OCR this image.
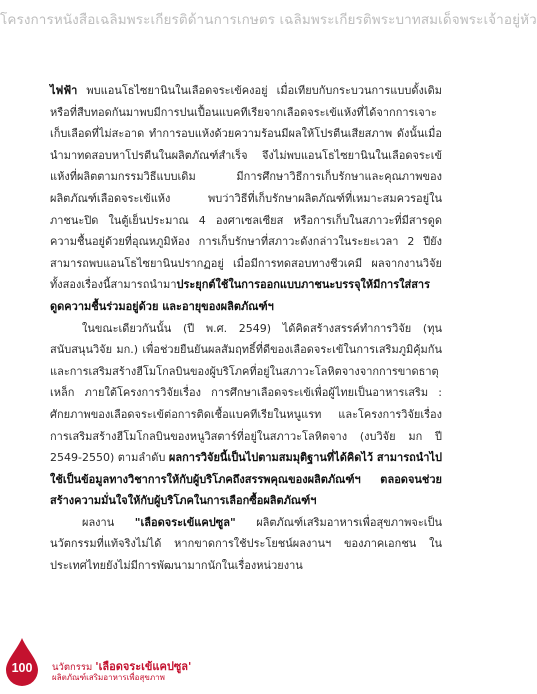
โครงการหนังสือเฉลิมพระเกียรติด้านการเกษตร เฉลิมพระเกียรติพระบาทสมเด็จพระเจ้าอยู่หัว

ไฟฟ้า พบแอนโธไซยานินในเลือดจระเข้คงอยู่ เมื่อเทียบกับกระบวนการแบบดั้งเดิมหรือที่สืบทอดกันมาพบมีการปนเปื้อนแบคทีเรียจากเลือดจระเข้แห้งที่ได้จากการเจาะเก็บเลือดที่ไม่สะอาด ทำการอบแห้งด้วยความร้อนมีผลให้โปรตีนเสียสภาพ ดังนั้นเมื่อนำมาทดสอบหาโปรตีนในผลิตภัณฑ์สำเร็จ จึงไม่พบแอนโธไซยานินในเลือดจระเข้แห้งที่ผลิตตามกรรมวิธีแบบเดิม มีการศึกษาวิธีการเก็บรักษาและคุณภาพของผลิตภัณฑ์เลือดจระเข้แห้ง พบว่าวิธีที่เก็บรักษาผลิตภัณฑ์ที่เหมาะสมควรอยู่ในภาชนะปิด ในตู้เย็นประมาณ 4 องศาเซลเซียส หรือการเก็บในสภาวะที่มีสารดูดความชื้นอยู่ด้วยที่อุณหภูมิห้อง การเก็บรักษาที่สภาวะดังกล่าวในระยะเวลา 2 ปียังสามารถพบแอนโธไซยานินปรากฏอยู่ เมื่อมีการทดสอบทางชีวเคมี ผลจากงานวิจัยทั้งสองเรื่องนี้สามารถนำมาประยุกต์ใช้ในการออกแบบภาชนะบรรจุให้มีการใส่สารดูดความชื้นร่วมอยู่ด้วย และอายุของผลิตภัณฑ์ฯ

ในขณะเดียวกันนั้น (ปี พ.ศ. 2549) ได้คิดสร้างสรรค์ทำการวิจัย (ทุนสนับสนุนวิจัย มก.) เพื่อช่วยยืนยันผลสัมฤทธิ์ที่ดีของเลือดจระเข้ในการเสริมภูมิคุ้มกัน และการเสริมสร้างฮีโมโกลบินของผู้บริโภคที่อยู่ในสภาวะโลหิตจางจากการขาดธาตุเหล็ก ภายใต้โครงการวิจัยเรื่อง การศึกษาเลือดจระเข้เพื่อผู้ไทยเป็นอาหารเสริม : ศักยภาพของเลือดจระเข้ต่อการติดเชื้อแบคทีเรียในหนูแรท และโครงการวิจัยเรื่อง การเสริมสร้างฮีโมโกลบินของหนูวิสตาร์ที่อยู่ในสภาวะโลหิตจาง (งบวิจัย มก ปี 2549-2550) ตามลำดับ ผลการวิจัยนี้เป็นไปตามสมมุติฐานที่ได้คิดไว้ สามารถนำไปใช้เป็นข้อมูลทางวิชาการให้กับผู้บริโภคถึงสรรพคุณของผลิตภัณฑ์ฯ ตลอดจนช่วยสร้างความมั่นใจให้กับผู้บริโภคในการเลือกซื้อผลิตภัณฑ์ฯ

ผลงาน "เลือดจระเข้แคปซูล" ผลิตภัณฑ์เสริมอาหารเพื่อสุขภาพจะเป็นนวัตกรรมที่แท้จริงไม่ได้ หากขาดการใช้ประโยชน์ผลงานฯ ของภาคเอกชน ในประเทศไทยยังไม่มีการพัฒนามากนักในเรื่องหน่วยงาน

100	นวัตกรรม 'เลือดจระเข้แคปซูล'
ผลิตภัณฑ์เสริมอาหารเพื่อสุขภาพ
